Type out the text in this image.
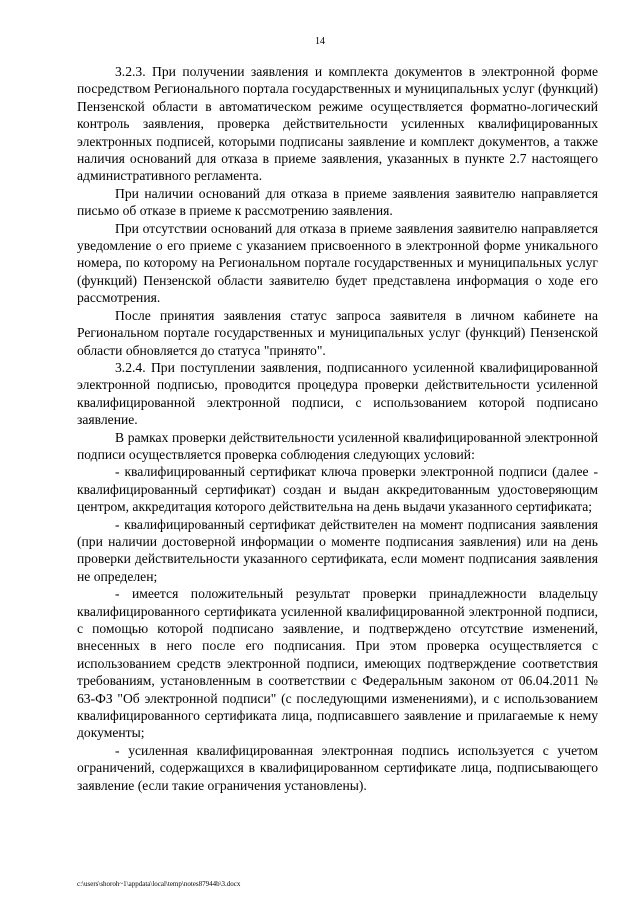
14

3.2.3. При получении заявления и комплекта документов в электронной форме посредством Регионального портала государственных и муниципальных услуг (функций) Пензенской области в автоматическом режиме осуществляется форматно-логический контроль заявления, проверка действительности усиленных квалифицированных электронных подписей, которыми подписаны заявление и комплект документов, а также наличия оснований для отказа в приеме заявления, указанных в пункте 2.7 настоящего административного регламента.

При наличии оснований для отказа в приеме заявления заявителю направляется письмо об отказе в приеме к рассмотрению заявления.

При отсутствии оснований для отказа в приеме заявления заявителю направляется уведомление о его приеме с указанием присвоенного в электронной форме уникального номера, по которому на Региональном портале государственных и муниципальных услуг (функций) Пензенской области заявителю будет представлена информация о ходе его рассмотрения.

После принятия заявления статус запроса заявителя в личном кабинете на Региональном портале государственных и муниципальных услуг (функций) Пензенской области обновляется до статуса "принято".

3.2.4. При поступлении заявления, подписанного усиленной квалифицированной электронной подписью, проводится процедура проверки действительности усиленной квалифицированной электронной подписи, с использованием которой подписано заявление.

В рамках проверки действительности усиленной квалифицированной электронной подписи осуществляется проверка соблюдения следующих условий:

- квалифицированный сертификат ключа проверки электронной подписи (далее - квалифицированный сертификат) создан и выдан аккредитованным удостоверяющим центром, аккредитация которого действительна на день выдачи указанного сертификата;

- квалифицированный сертификат действителен на момент подписания заявления (при наличии достоверной информации о моменте подписания заявления) или на день проверки действительности указанного сертификата, если момент подписания заявления не определен;

- имеется положительный результат проверки принадлежности владельцу квалифицированного сертификата усиленной квалифицированной электронной подписи, с помощью которой подписано заявление, и подтверждено отсутствие изменений, внесенных в него после его подписания. При этом проверка осуществляется с использованием средств электронной подписи, имеющих подтверждение соответствия требованиям, установленным в соответствии с Федеральным законом от 06.04.2011 № 63-ФЗ "Об электронной подписи" (с последующими изменениями), и с использованием квалифицированного сертификата лица, подписавшего заявление и прилагаемые к нему документы;

- усиленная квалифицированная электронная подпись используется с учетом ограничений, содержащихся в квалифицированном сертификате лица, подписывающего заявление (если такие ограничения установлены).

c:\users\shoroh~1\appdata\local\temp\notes87944b\3.docx
